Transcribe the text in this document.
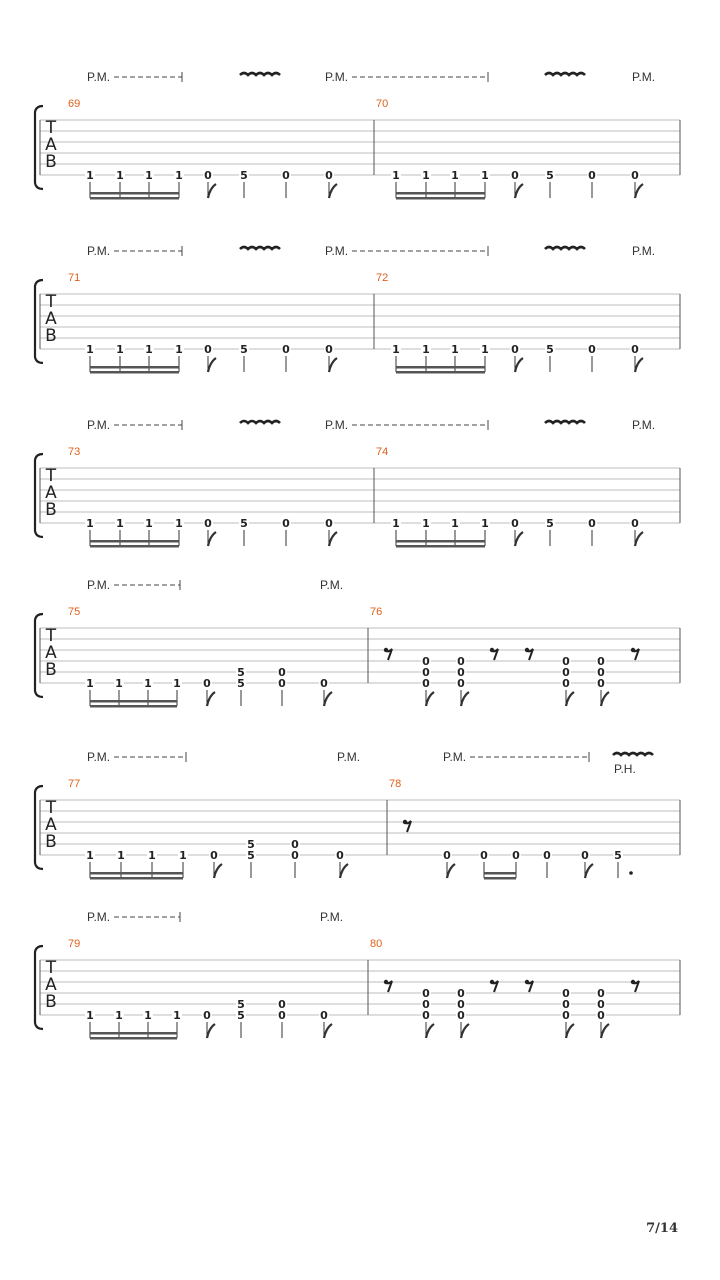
T
A
B
P.M.	P.M.	P.M.
69
1 1 1 1 0	5	0	0
70
1 1 1 1 0 5	0	0
T
A
B
P.M.	P.M.	P.M.
71
1 1 1 1 0	5	0	0
72
1 1 1 1 0 5	0	0
T
A
B
P.M.	P.M.	P.M.
73
1 1 1 1 0	5	0	0
74
1 1 1 1 0 5	0	0
T
A
B
P.M.	P.M.
75
1 1 1 1 0 5
5
0
0
0
76
0
0
0
0
0
0
0
0
0
0
0
0
T
A
B
P.M.	P.M.	P.M.
P.H.
77
1 1 1 1 0	5
5
0
0
0
78
0	0 0 0	0 5
T
A
B
P.M.	P.M.
79
1 1 1 1 0 5
5
0
0
0
80
0
0
0
0
0
0
0
0
0
0
0
0
7/14
